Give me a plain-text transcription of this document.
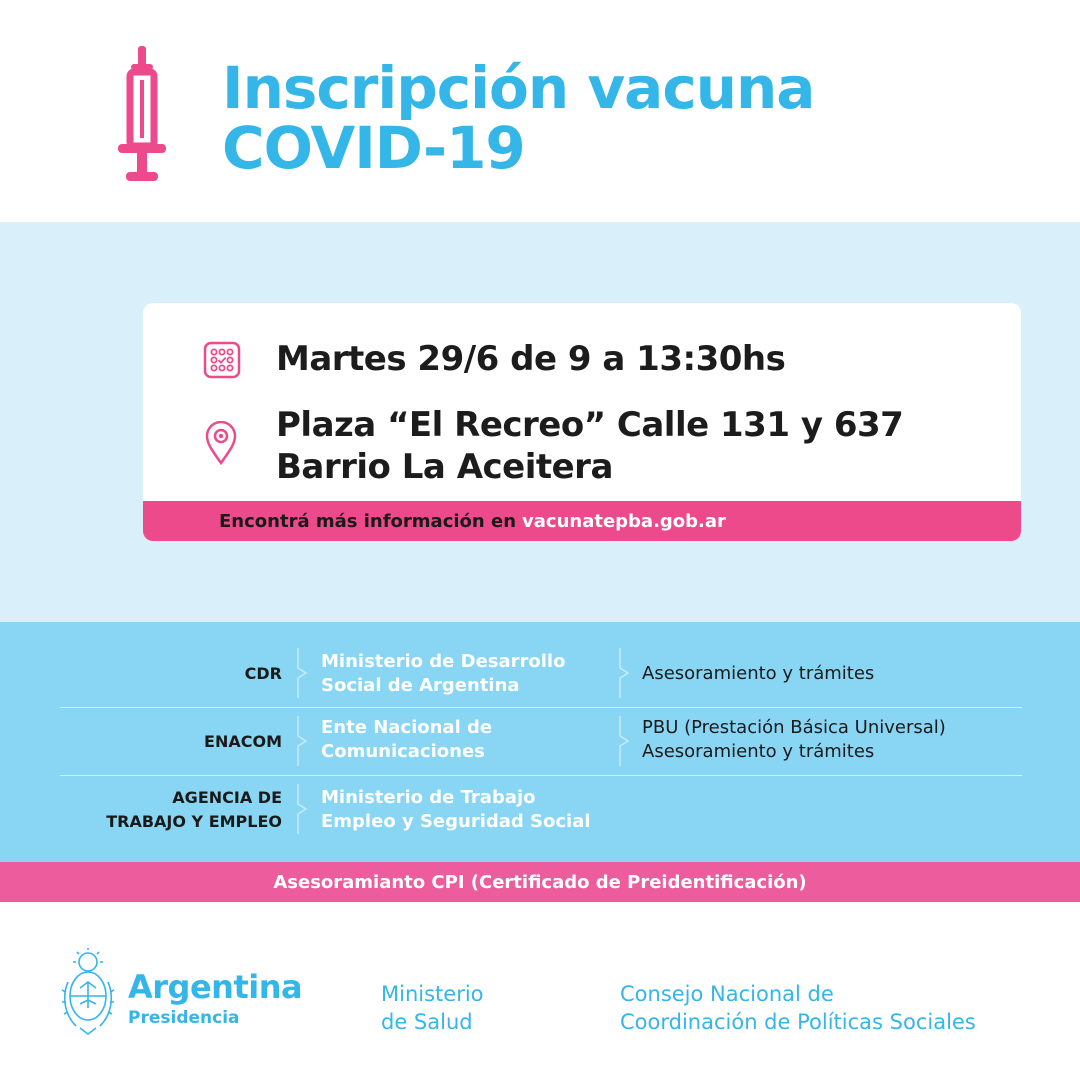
Inscripción vacuna
COVID-19
Martes 29/6 de 9 a 13:30hs
Plaza “El Recreo” Calle 131 y 637
Barrio La Aceitera
Encontrá más información en vacunatepba.gob.ar
CDR
Ministerio de Desarrollo
Social de Argentina
Asesoramiento y trámites
ENACOM
Ente Nacional de
Comunicaciones
PBU (Prestación Básica Universal)
Asesoramiento y trámites
AGENCIA DE
TRABAJO Y EMPLEO
Ministerio de Trabajo
Empleo y Seguridad Social
Asesoramianto CPI (Certificado de Preidentificación)
Argentina
Presidencia
Ministerio
de Salud
Consejo Nacional de
Coordinación de Políticas Sociales
